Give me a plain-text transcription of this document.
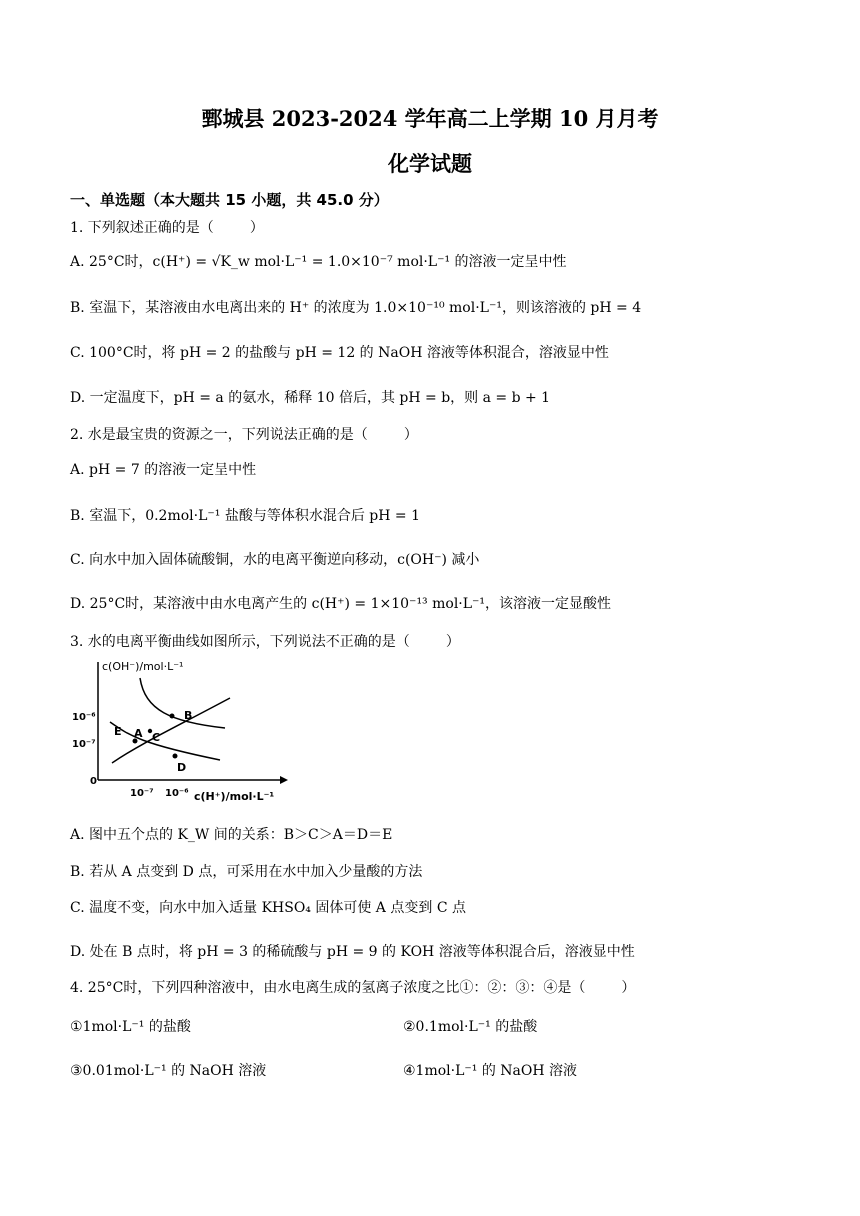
鄄城县 2023-2024 学年高二上学期 10 月月考
化学试题
一、单选题（本大题共 15 小题，共 45.0 分）
1. 下列叙述正确的是（	）
A. 25°C时，c(H⁺) = √K_w mol·L⁻¹ = 1.0×10⁻⁷ mol·L⁻¹ 的溶液一定呈中性
B. 室温下，某溶液由水电离出来的 H⁺ 的浓度为 1.0×10⁻¹⁰ mol·L⁻¹，则该溶液的 pH = 4
C. 100°C时，将 pH = 2 的盐酸与 pH = 12 的 NaOH 溶液等体积混合，溶液显中性
D. 一定温度下，pH = a 的氨水，稀释 10 倍后，其 pH = b，则 a = b + 1
2. 水是最宝贵的资源之一，下列说法正确的是（	）
A. pH = 7 的溶液一定呈中性
B. 室温下，0.2mol·L⁻¹ 盐酸与等体积水混合后 pH = 1
C. 向水中加入固体硫酸铜，水的电离平衡逆向移动，c(OH⁻) 减小
D. 25°C时，某溶液中由水电离产生的 c(H⁺) = 1×10⁻¹³ mol·L⁻¹，该溶液一定显酸性
3. 水的电离平衡曲线如图所示，下列说法不正确的是（	）
c(OH⁻)/mol·L⁻¹
10⁻⁶
10⁻⁷
0
10⁻⁷ 10⁻⁶ c(H⁺)/mol·L⁻¹
A
B
C
D
E
A. 图中五个点的 K_W 间的关系：B＞C＞A＝D＝E
B. 若从 A 点变到 D 点，可采用在水中加入少量酸的方法
C. 温度不变，向水中加入适量 KHSO₄ 固体可使 A 点变到 C 点
D. 处在 B 点时，将 pH = 3 的稀硫酸与 pH = 9 的 KOH 溶液等体积混合后，溶液显中性
4. 25°C时，下列四种溶液中，由水电离生成的氢离子浓度之比①：②：③：④是（	）
①1mol·L⁻¹ 的盐酸	②0.1mol·L⁻¹ 的盐酸
③0.01mol·L⁻¹ 的 NaOH 溶液	④1mol·L⁻¹ 的 NaOH 溶液
